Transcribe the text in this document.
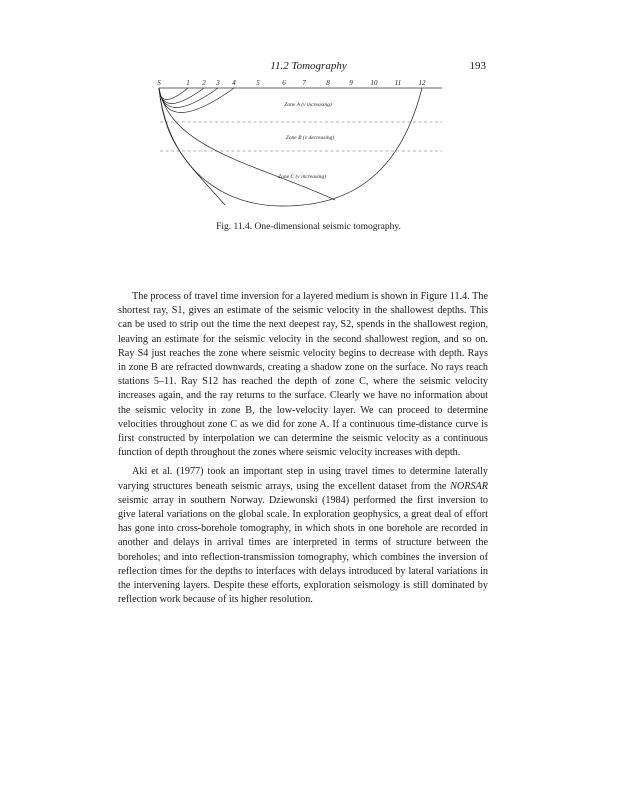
11.2 Tomography	193
S	1 2 3 4	5	6 7	8	9	10 11 12
Zone A (v increasing)
Zone B (v decreasing)
Zone C (v increasing)
Fig. 11.4. One-dimensional seismic tomography.

The process of travel time inversion for a layered medium is shown in Figure 11.4. The shortest ray, S1, gives an estimate of the seismic velocity in the shallowest depths. This can be used to strip out the time the next deepest ray, S2, spends in the shallowest region, leaving an estimate for the seismic velocity in the second shallowest region, and so on. Ray S4 just reaches the zone where seismic velocity begins to decrease with depth. Rays in zone B are refracted downwards, creating a shadow zone on the surface. No rays reach stations 5–11. Ray S12 has reached the depth of zone C, where the seismic velocity increases again, and the ray returns to the surface. Clearly we have no information about the seismic velocity in zone B, the low-velocity layer. We can proceed to determine velocities throughout zone C as we did for zone A. If a continuous time-distance curve is first constructed by interpolation we can determine the seismic velocity as a continuous function of depth throughout the zones where seismic velocity increases with depth.

Aki et al. (1977) took an important step in using travel times to determine laterally varying structures beneath seismic arrays, using the excellent dataset from the NORSAR seismic array in southern Norway. Dziewonski (1984) performed the first inversion to give lateral variations on the global scale. In exploration geophysics, a great deal of effort has gone into cross-borehole tomography, in which shots in one borehole are recorded in another and delays in arrival times are interpreted in terms of structure between the boreholes; and into reflection-transmission tomography, which combines the inversion of reflection times for the depths to interfaces with delays introduced by lateral variations in the intervening layers. Despite these efforts, exploration seismology is still dominated by reflection work because of its higher resolution.
